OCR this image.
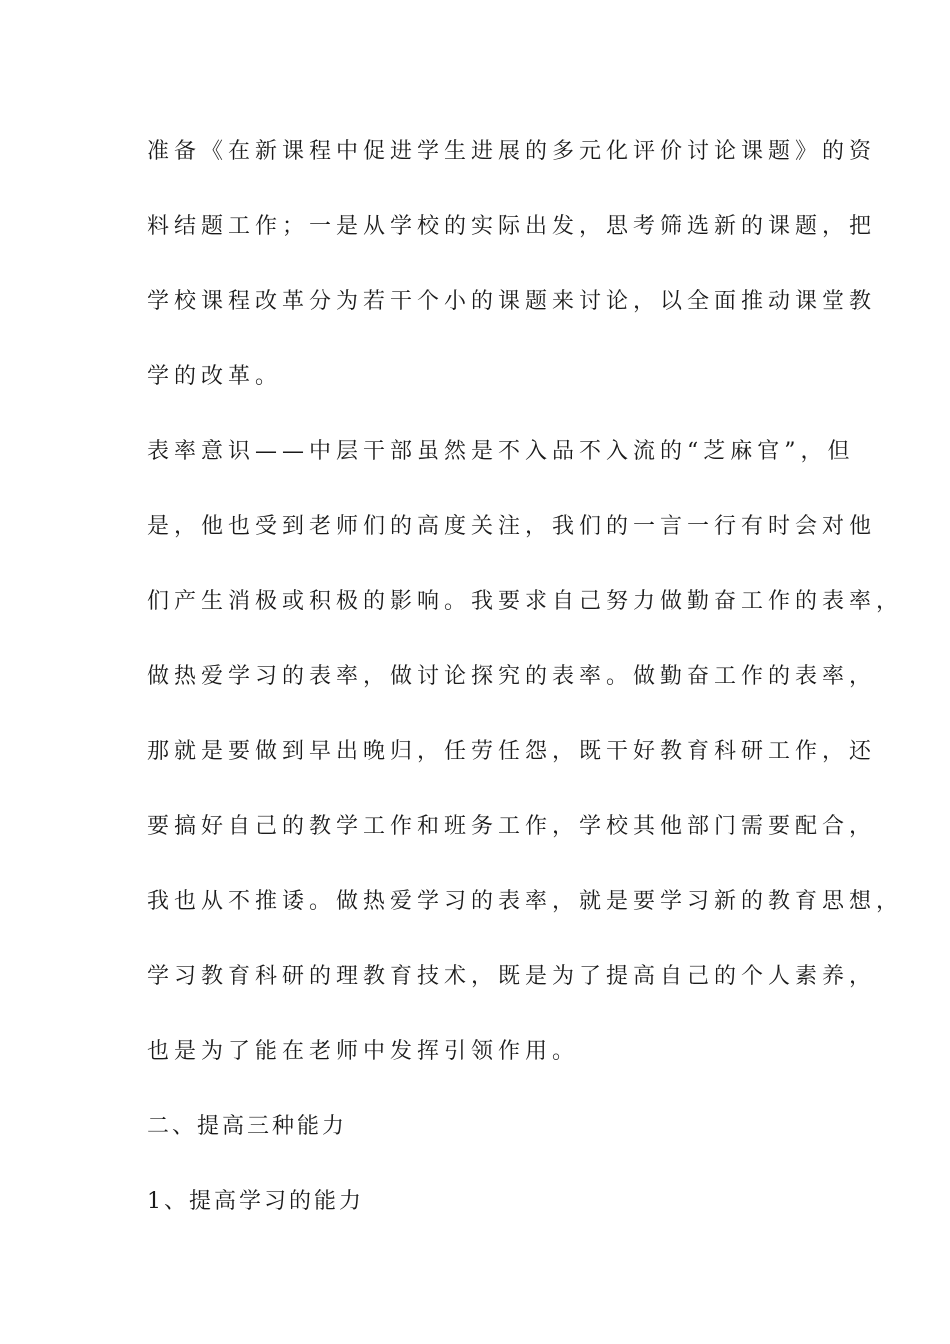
准备《在新课程中促进学生进展的多元化评价讨论课题》的资
料结题工作；一是从学校的实际出发，思考筛选新的课题，把
学校课程改革分为若干个小的课题来讨论，以全面推动课堂教
学的改革。
表率意识——中层干部虽然是不入品不入流的“芝麻官”，但
是，他也受到老师们的高度关注，我们的一言一行有时会对他
们产生消极或积极的影响。我要求自己努力做勤奋工作的表率，
做热爱学习的表率，做讨论探究的表率。做勤奋工作的表率，
那就是要做到早出晚归，任劳任怨，既干好教育科研工作，还
要搞好自己的教学工作和班务工作，学校其他部门需要配合，
我也从不推诿。做热爱学习的表率，就是要学习新的教育思想，
学习教育科研的理教育技术，既是为了提高自己的个人素养，
也是为了能在老师中发挥引领作用。
二、提高三种能力
1、提高学习的能力
